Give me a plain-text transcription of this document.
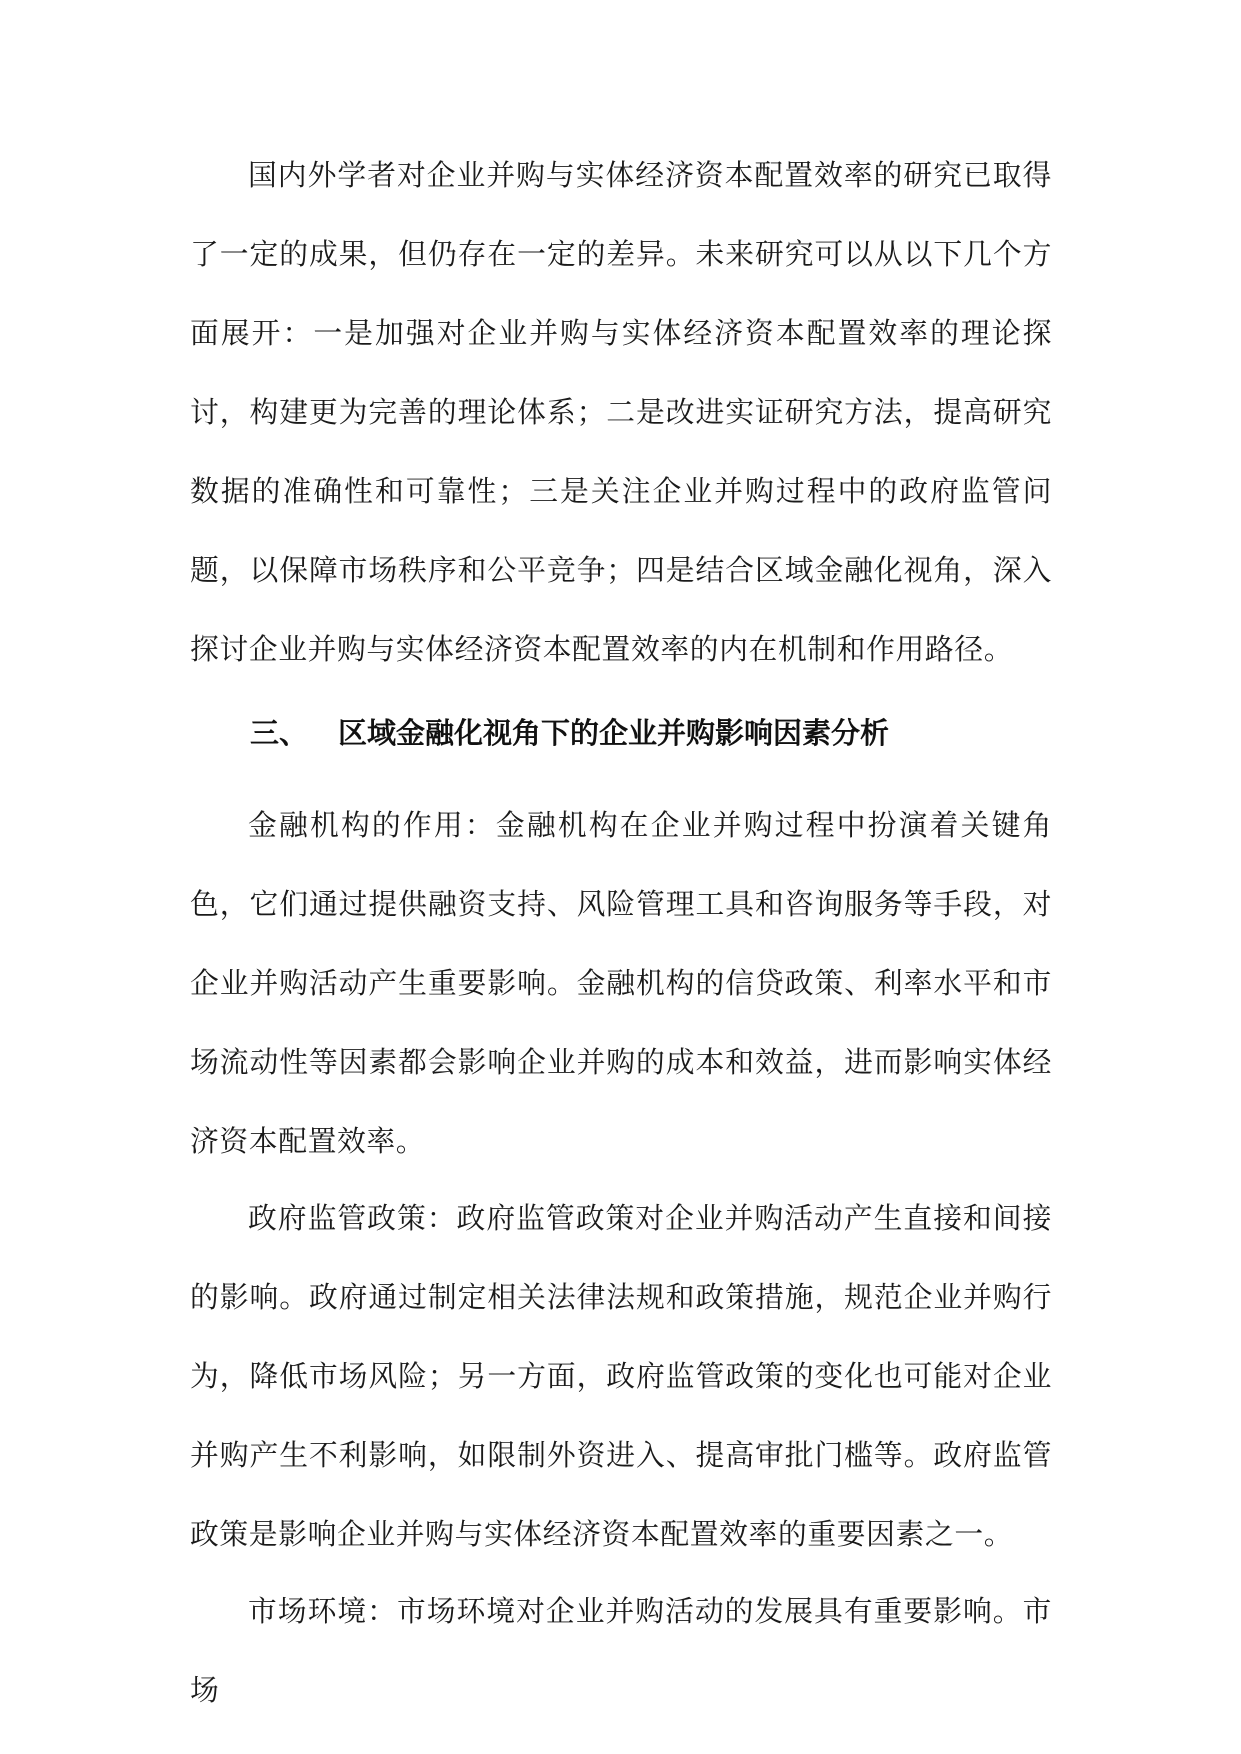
国内外学者对企业并购与实体经济资本配置效率的研究已取得了一定的成果，但仍存在一定的差异。未来研究可以从以下几个方面展开：一是加强对企业并购与实体经济资本配置效率的理论探讨，构建更为完善的理论体系；二是改进实证研究方法，提高研究数据的准确性和可靠性；三是关注企业并购过程中的政府监管问题，以保障市场秩序和公平竞争；四是结合区域金融化视角，深入探讨企业并购与实体经济资本配置效率的内在机制和作用路径。

三、 区域金融化视角下的企业并购影响因素分析

金融机构的作用：金融机构在企业并购过程中扮演着关键角色，它们通过提供融资支持、风险管理工具和咨询服务等手段，对企业并购活动产生重要影响。金融机构的信贷政策、利率水平和市场流动性等因素都会影响企业并购的成本和效益，进而影响实体经济资本配置效率。

政府监管政策：政府监管政策对企业并购活动产生直接和间接的影响。政府通过制定相关法律法规和政策措施，规范企业并购行为，降低市场风险；另一方面，政府监管政策的变化也可能对企业并购产生不利影响，如限制外资进入、提高审批门槛等。政府监管政策是影响企业并购与实体经济资本配置效率的重要因素之一。

市场环境：市场环境对企业并购活动的发展具有重要影响。市场
